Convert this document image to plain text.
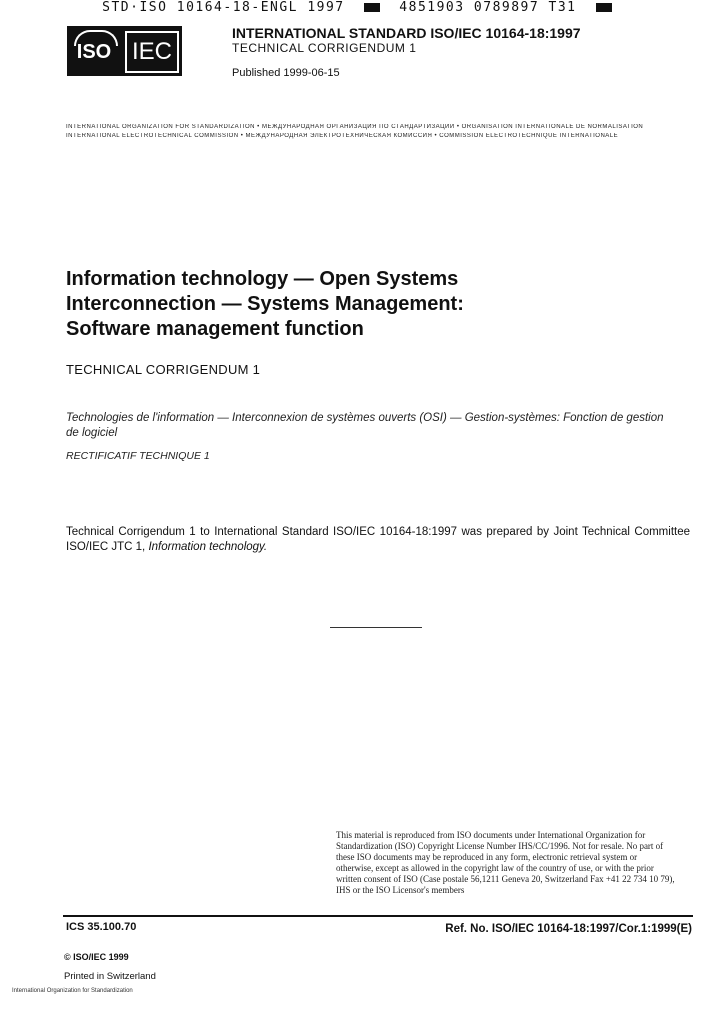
STD·ISO 10164-18-ENGL 1997	4851903 0789897 T31
ISO IEC
INTERNATIONAL STANDARD ISO/IEC 10164-18:1997
TECHNICAL CORRIGENDUM 1
Published 1999-06-15
INTERNATIONAL ORGANIZATION FOR STANDARDIZATION • МЕЖДУНАРОДНАЯ ОРГАНИЗАЦИЯ ПО СТАНДАРТИЗАЦИИ • ORGANISATION INTERNATIONALE DE NORMALISATION
INTERNATIONAL ELECTROTECHNICAL COMMISSION • МЕЖДУНАРОДНАЯ ЭЛЕКТРОТЕХНИЧЕСКАЯ КОМИССИЯ • COMMISSION ELECTROTECHNIQUE INTERNATIONALE
Information technology — Open Systems
Interconnection — Systems Management:
Software management function
TECHNICAL CORRIGENDUM 1
Technologies de l'information — Interconnexion de systèmes ouverts (OSI) — Gestion-systèmes: Fonction de gestion de logiciel
RECTIFICATIF TECHNIQUE 1
Technical Corrigendum 1 to International Standard ISO/IEC 10164-18:1997 was prepared by Joint Technical Committee ISO/IEC JTC 1, Information technology.
This material is reproduced from ISO documents under International Organization for Standardization (ISO) Copyright License Number IHS/CC/1996. Not for resale. No part of these ISO documents may be reproduced in any form, electronic retrieval system or otherwise, except as allowed in the copyright law of the country of use, or with the prior written consent of ISO (Case postale 56,1211 Geneva 20, Switzerland Fax +41 22 734 10 79), IHS or the ISO Licensor's members
ICS 35.100.70	Ref. No. ISO/IEC 10164-18:1997/Cor.1:1999(E)
© ISO/IEC 1999
Printed in Switzerland
International Organization for Standardization
